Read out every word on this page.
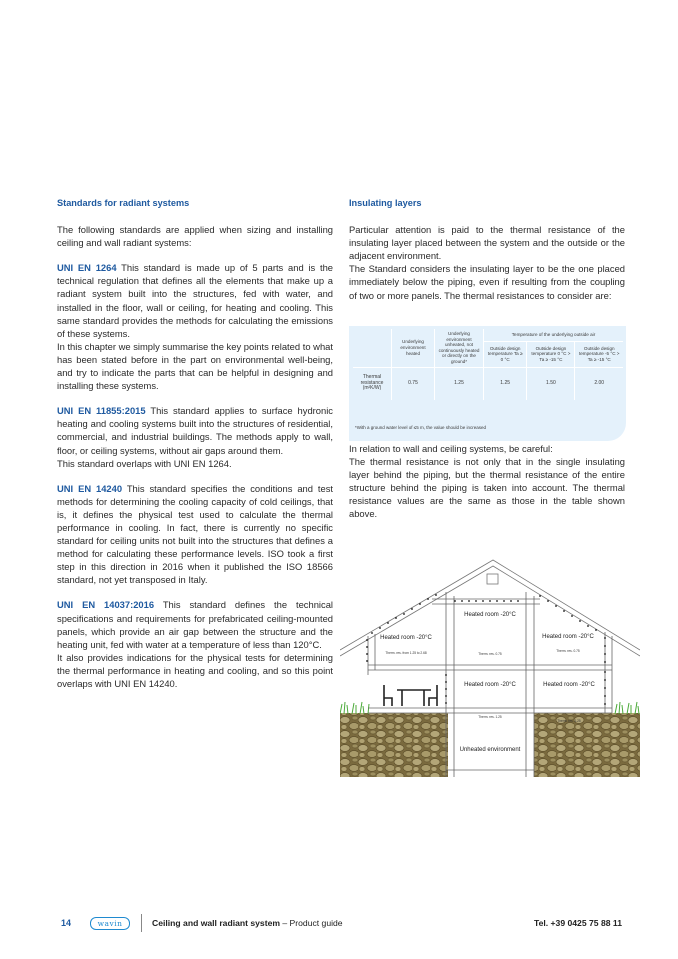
Standards for radiant systems
The following standards are applied when sizing and installing ceiling and wall radiant systems:
UNI EN 1264 This standard is made up of 5 parts and is the technical regulation that defines all the elements that make up a radiant system built into the structures, fed with water, and installed in the floor, wall or ceiling, for heating and cooling. This same standard provides the methods for calculating the emissions of these systems.
In this chapter we simply summarise the key points related to what has been stated before in the part on environmental well-being, and try to indicate the parts that can be helpful in designing and installing these systems.
UNI EN 11855:2015 This standard applies to surface hydronic heating and cooling systems built into the structures of residential, commercial, and industrial buildings. The methods apply to wall, floor, or ceiling systems, without air gaps around them.
This standard overlaps with UNI EN 1264.
UNI EN 14240 This standard specifies the conditions and test methods for determining the cooling capacity of cold ceilings, that is, it defines the physical test used to calculate the thermal performance in cooling. In fact, there is currently no specific standard for ceiling units not built into the structures that defines a method for calculating these performance levels. ISO took a first step in this direction in 2016 when it published the ISO 18566 standard, not yet transposed in Italy.
UNI EN 14037:2016 This standard defines the technical specifications and requirements for prefabricated ceiling-mounted panels, which provide an air gap between the structure and the heating unit, fed with water at a temperature of less than 120°C.
It also provides indications for the physical tests for determining the thermal performance in heating and cooling, and so this point overlaps with UNI EN 14240.
Insulating layers
Particular attention is paid to the thermal resistance of the insulating layer placed between the system and the outside or the adjacent environment.
The Standard considers the insulating layer to be the one placed immediately below the piping, even if resulting from the coupling of two or more panels. The thermal resistances to consider are:
In relation to wall and ceiling systems, be careful:
The thermal resistance is not only that in the single insulating layer behind the piping, but the thermal resistance of the entire structure behind the piping is taken into account. The thermal resistance values are the same as those in the table shown above.
	Underlying environment heated	Underlying environment unheated, not continuously heated or directly on the ground*	Temperature of the underlying outside air		
			Outside design temperature Ta ≥ 0 °C	Outside design temperature 0 °C > Ta ≥ -15 °C	Outside design temperature -5 °C > Ta ≥ -15 °C
Thermal resistance (m²K/W)	0.75	1.25	1.25	1.50	2.00
*With a ground water level of ≤5 m, the value should be increased
Heated room -20°C
Therm. res. from 1.25 to 2.68
Heated room -20°C
Therm. res. 0.75
Heated room -20°C
Therm. res. 0.75
Heated room -20°C
Therm. res. 1.25
Heated room -20°C
Therm. res. 1.25
Unheated environment
14	wavin	Ceiling and wall radiant system – Product guide	Tel. +39 0425 75 88 11
